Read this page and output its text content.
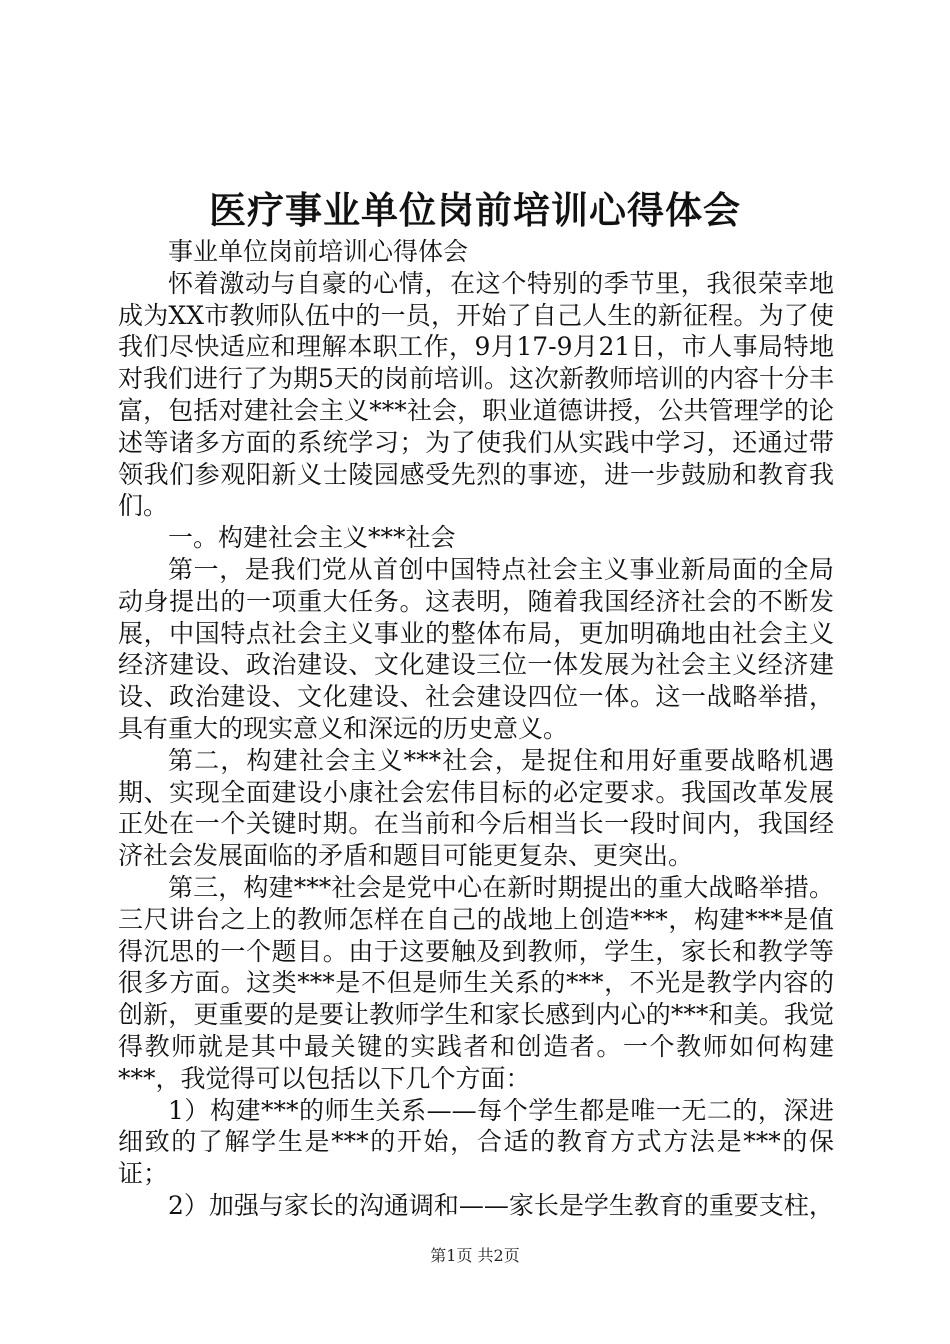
医疗事业单位岗前培训心得体会

事业单位岗前培训心得体会

怀着激动与自豪的心情，在这个特别的季节里，我很荣幸地成为XX市教师队伍中的一员，开始了自己人生的新征程。为了使我们尽快适应和理解本职工作，9月17-9月21日，市人事局特地对我们进行了为期5天的岗前培训。这次新教师培训的内容十分丰富，包括对建社会主义***社会，职业道德讲授，公共管理学的论述等诸多方面的系统学习；为了使我们从实践中学习，还通过带领我们参观阳新义士陵园感受先烈的事迹，进一步鼓励和教育我们。

一。构建社会主义***社会

第一，是我们党从首创中国特点社会主义事业新局面的全局动身提出的一项重大任务。这表明，随着我国经济社会的不断发展，中国特点社会主义事业的整体布局，更加明确地由社会主义经济建设、政治建设、文化建设三位一体发展为社会主义经济建设、政治建设、文化建设、社会建设四位一体。这一战略举措，具有重大的现实意义和深远的历史意义。

第二，构建社会主义***社会，是捉住和用好重要战略机遇期、实现全面建设小康社会宏伟目标的必定要求。我国改革发展正处在一个关键时期。在当前和今后相当长一段时间内，我国经济社会发展面临的矛盾和题目可能更复杂、更突出。

第三，构建***社会是党中心在新时期提出的重大战略举措。三尺讲台之上的教师怎样在自己的战地上创造***，构建***是值得沉思的一个题目。由于这要触及到教师，学生，家长和教学等很多方面。这类***是不但是师生关系的***，不光是教学内容的创新，更重要的是要让教师学生和家长感到内心的***和美。我觉得教师就是其中最关键的实践者和创造者。一个教师如何构建***，我觉得可以包括以下几个方面：

1）构建***的师生关系——每个学生都是唯一无二的，深进细致的了解学生是***的开始，合适的教育方式方法是***的保证；

2）加强与家长的沟通调和——家长是学生教育的重要支柱，

第1页 共2页
